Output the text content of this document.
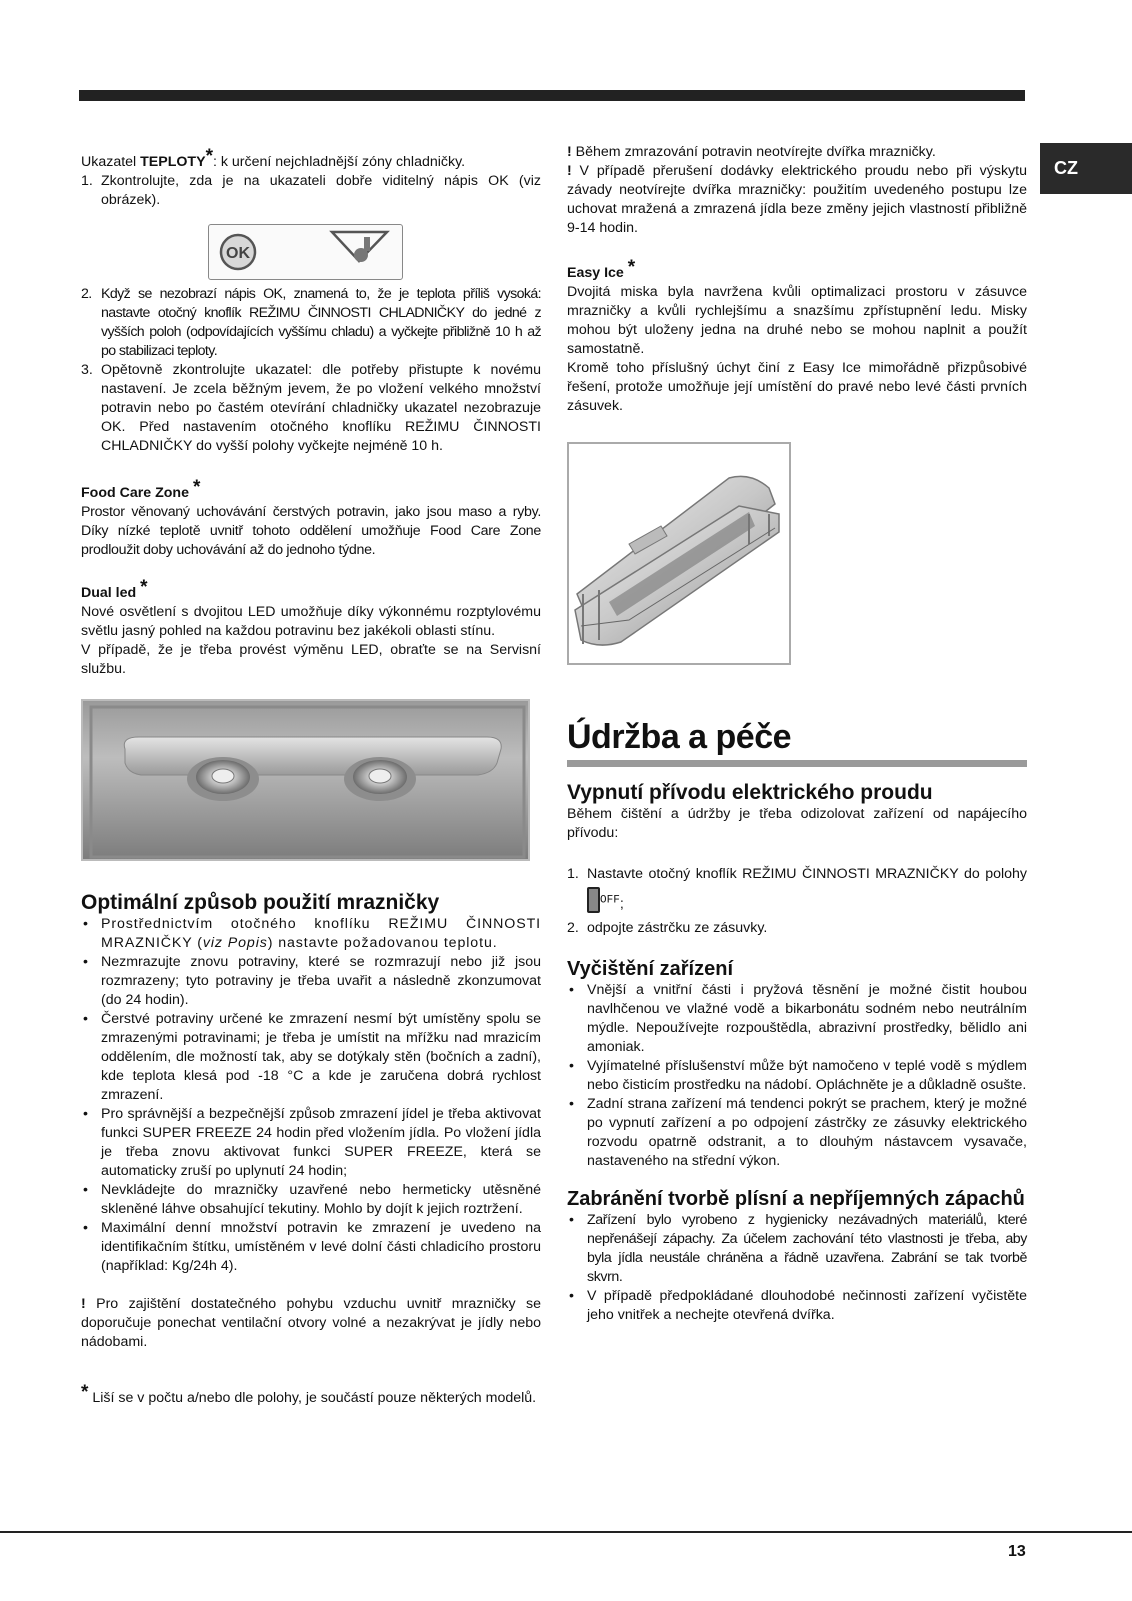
CZ

Ukazatel TEPLOTY*: k určení nejchladnější zóny chladničky.

1. Zkontrolujte, zda je na ukazateli dobře viditelný nápis OK (viz obrázek).

OK

2. Když se nezobrazí nápis OK, znamená to, že je teplota příliš vysoká: nastavte otočný knoflík REŽIMU ČINNOSTI CHLADNIČKY do jedné z vyšších poloh (odpovídajících vyššímu chladu) a vyčkejte přibližně 10 h až po stabilizaci teploty.

3. Opětovně zkontrolujte ukazatel: dle potřeby přistupte k novému nastavení. Je zcela běžným jevem, že po vložení velkého množství potravin nebo po častém otevírání chladničky ukazatel nezobrazuje OK. Před nastavením otočného knoflíku REŽIMU ČINNOSTI CHLADNIČKY do vyšší polohy vyčkejte nejméně 10 h.

Food Care Zone *

Prostor věnovaný uchovávání čerstvých potravin, jako jsou maso a ryby. Díky nízké teplotě uvnitř tohoto oddělení umožňuje Food Care Zone prodloužit doby uchovávání až do jednoho týdne.

Dual led *

Nové osvětlení s dvojitou LED umožňuje díky výkonnému rozptylovému světlu jasný pohled na každou potravinu bez jakékoli oblasti stínu.

V případě, že je třeba provést výměnu LED, obraťte se na Servisní službu.

Optimální způsob použití mrazničky
• Prostřednictvím otočného knoflíku REŽIMU ČINNOSTI MRAZNIČKY (viz Popis) nastavte požadovanou teplotu.
• Nezmrazujte znovu potraviny, které se rozmrazují nebo již jsou rozmrazeny; tyto potraviny je třeba uvařit a následně zkonzumovat (do 24 hodin).
• Čerstvé potraviny určené ke zmrazení nesmí být umístěny spolu se zmrazenými potravinami; je třeba je umístit na mřížku nad mrazicím oddělením, dle možností tak, aby se dotýkaly stěn (bočních a zadní), kde teplota klesá pod -18 °C a kde je zaručena dobrá rychlost zmrazení.
• Pro správnější a bezpečnější způsob zmrazení jídel je třeba aktivovat funkci SUPER FREEZE 24 hodin před vložením jídla. Po vložení jídla je třeba znovu aktivovat funkci SUPER FREEZE, která se automaticky zruší po uplynutí 24 hodin;
• Nevkládejte do mrazničky uzavřené nebo hermeticky utěsněné skleněné láhve obsahující tekutiny. Mohlo by dojít k jejich roztržení.
• Maximální denní množství potravin ke zmrazení je uvedeno na identifikačním štítku, umístěném v levé dolní části chladicího prostoru (například: Kg/24h 4).

! Pro zajištění dostatečného pohybu vzduchu uvnitř mrazničky se doporučuje ponechat ventilační otvory volné a nezakrývat je jídly nebo nádobami.

* Liší se v počtu a/nebo dle polohy, je součástí pouze některých modelů.

! Během zmrazování potravin neotvírejte dvířka mrazničky.

! V případě přerušení dodávky elektrického proudu nebo při výskytu závady neotvírejte dvířka mrazničky: použitím uvedeného postupu lze uchovat mražená a zmrazená jídla beze změny jejich vlastností přibližně 9-14 hodin.

Easy Ice *

Dvojitá miska byla navržena kvůli optimalizaci prostoru v zásuvce mrazničky a kvůli rychlejšímu a snazšímu zpřístupnění ledu. Misky mohou být uloženy jedna na druhé nebo se mohou naplnit a použít samostatně.

Kromě toho příslušný úchyt činí z Easy Ice mimořádně přizpůsobivé řešení, protože umožňuje její umístění do pravé nebo levé části prvních zásuvek.

Údržba a péče
Vypnutí přívodu elektrického proudu

Během čištění a údržby je třeba odizolovat zařízení od napájecího přívodu:

1. Nastavte otočný knoflík REŽIMU ČINNOSTI MRAZNIČKY do polohy $^{OFF}$;

2. odpojte zástrčku ze zásuvky.

Vyčištění zařízení
• Vnější a vnitřní části i pryžová těsnění je možné čistit houbou navlhčenou ve vlažné vodě a bikarbonátu sodném nebo neutrálním mýdle. Nepoužívejte rozpouštědla, abrazivní prostředky, bělidlo ani amoniak.
• Vyjímatelné příslušenství může být namočeno v teplé vodě s mýdlem nebo čisticím prostředku na nádobí. Opláchněte je a důkladně osušte.
• Zadní strana zařízení má tendenci pokrýt se prachem, který je možné po vypnutí zařízení a po odpojení zástrčky ze zásuvky elektrického rozvodu opatrně odstranit, a to dlouhým nástavcem vysavače, nastaveného na střední výkon.
Zabránění tvorbě plísní a nepříjemných zápachů
• Zařízení bylo vyrobeno z hygienicky nezávadných materiálů, které nepřenášejí zápachy. Za účelem zachování této vlastnosti je třeba, aby byla jídla neustále chráněna a řádně uzavřena. Zabrání se tak tvorbě skvrn.
• V případě předpokládané dlouhodobé nečinnosti zařízení vyčistěte jeho vnitřek a nechejte otevřená dvířka.
13
